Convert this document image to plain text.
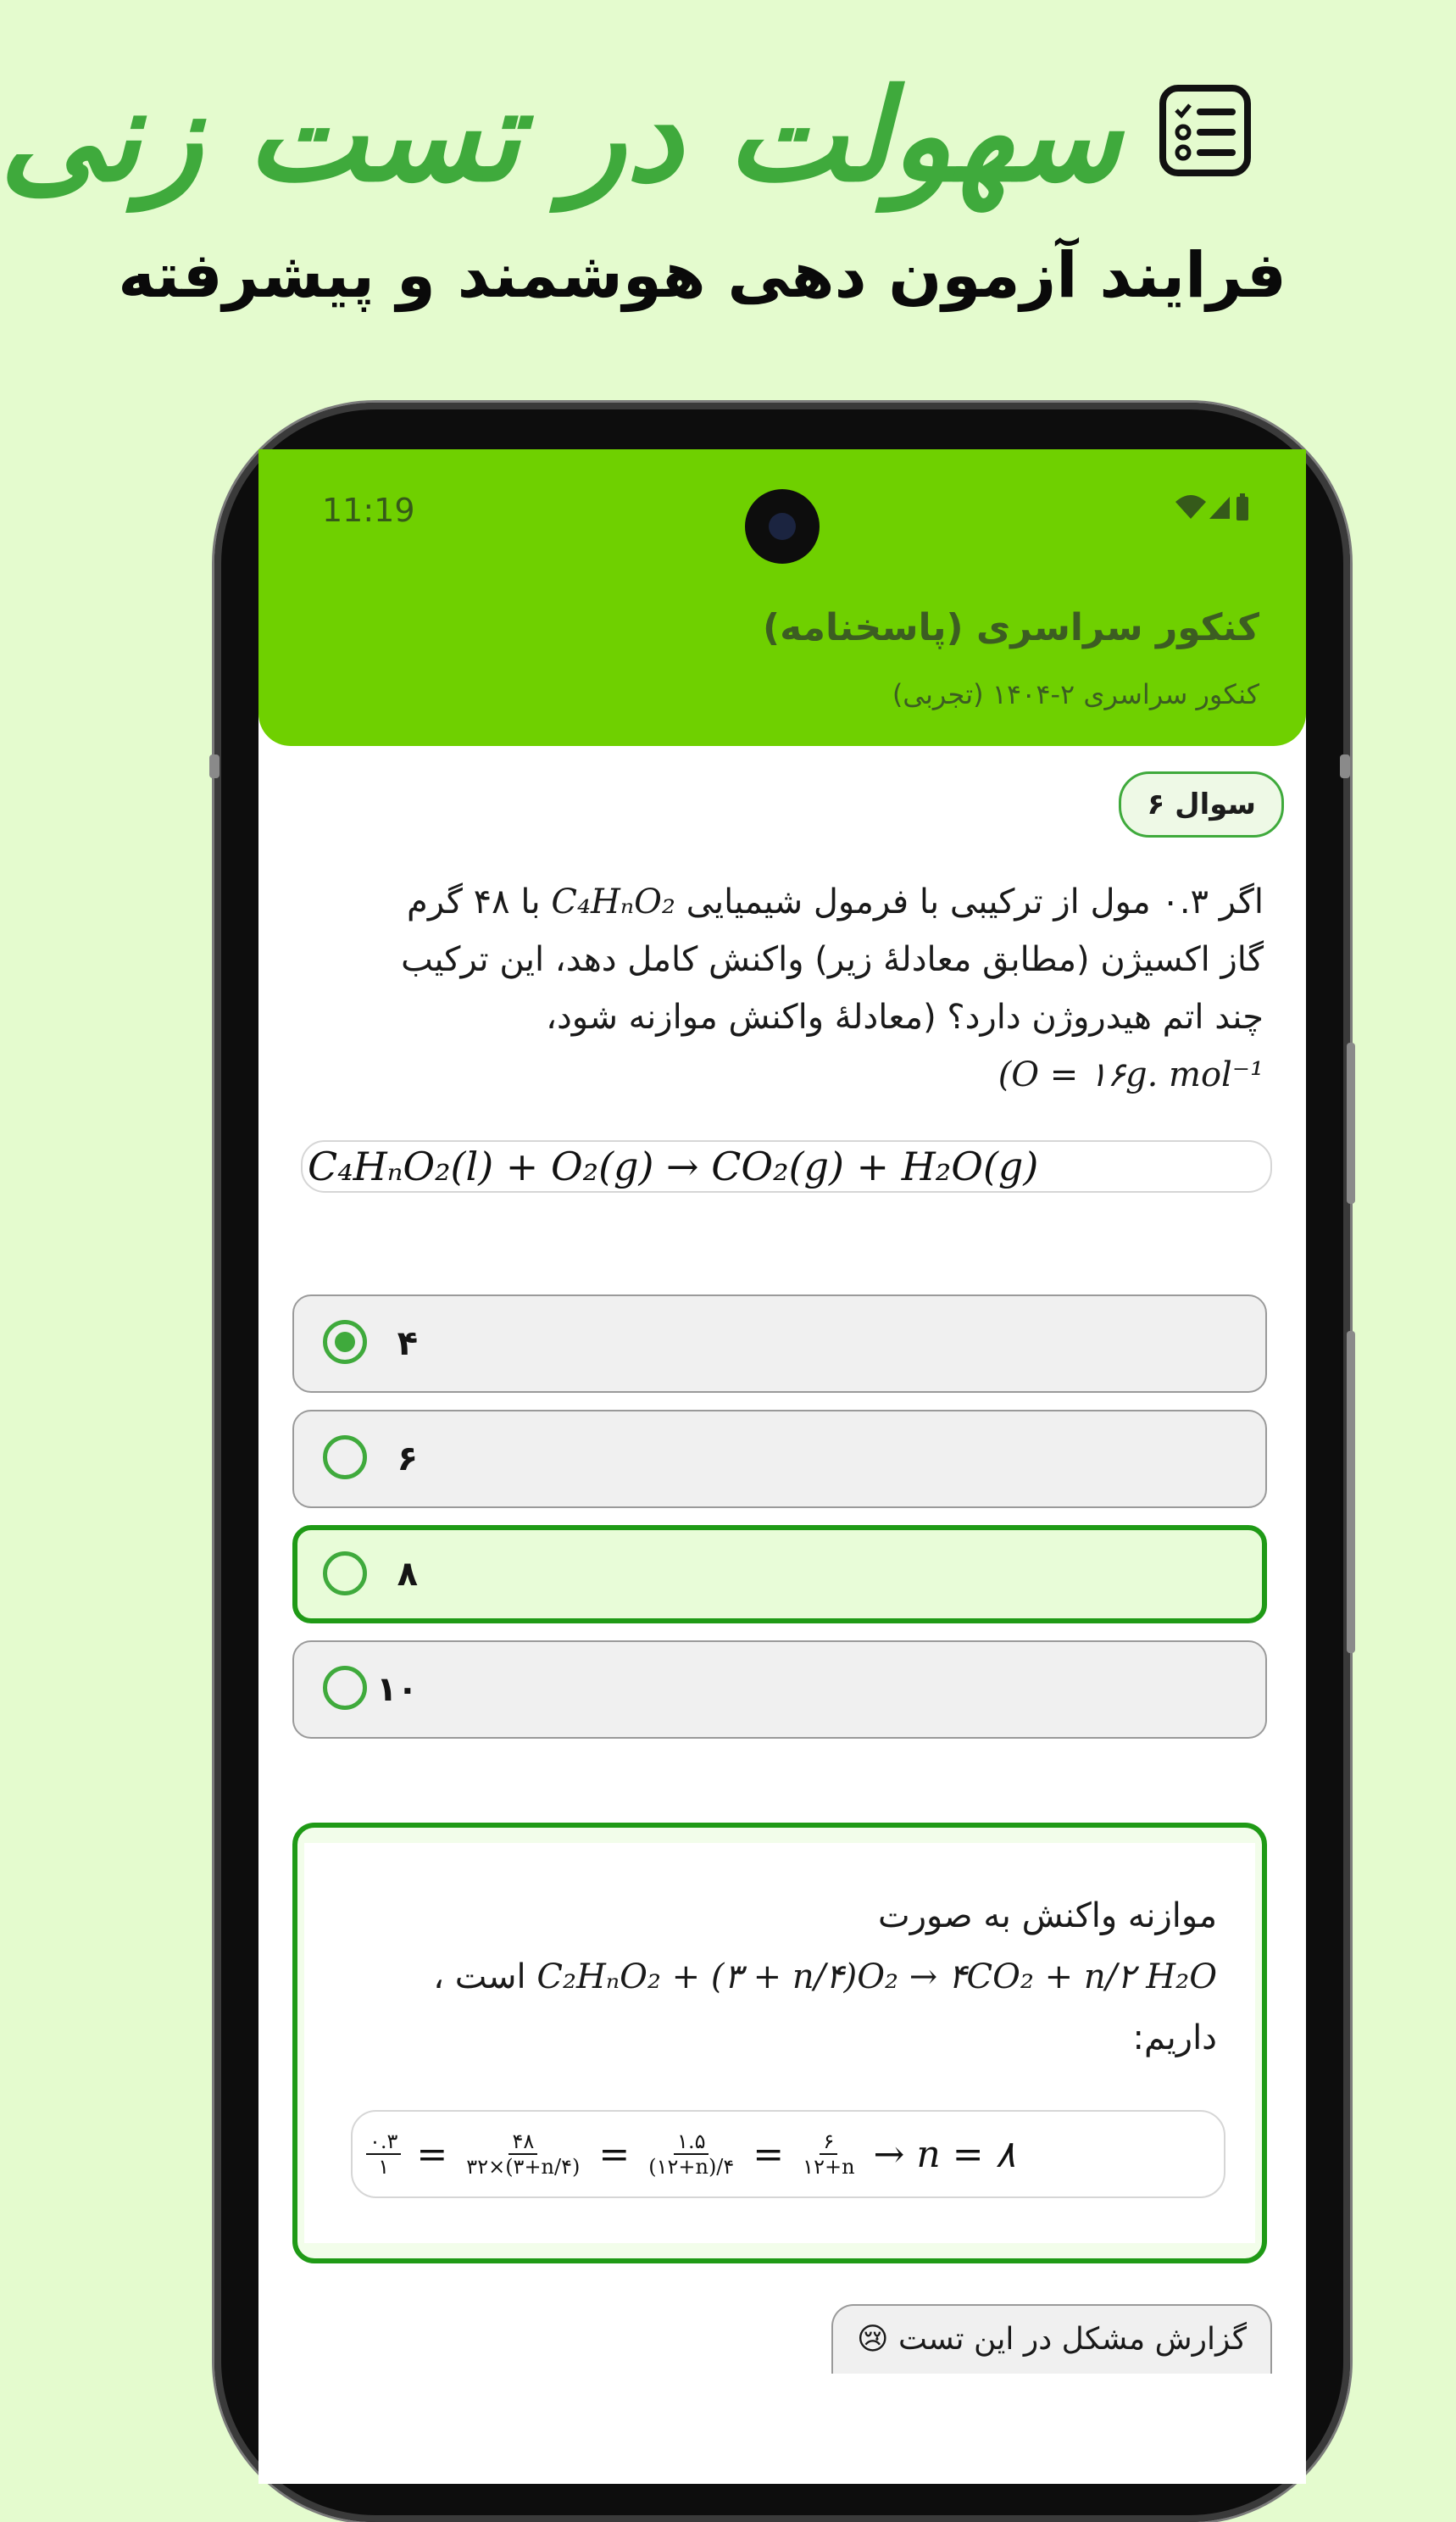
سهولت در تست زنی
فرایند آزمون دهی هوشمند و پیشرفته
11:19
کنکور سراسری (پاسخنامه)
کنکور سراسری ۲-۱۴۰۴ (تجربی)
سوال ۶
اگر ۰.۳ مول از ترکیبی با فرمول شیمیایی C₄HₙO₂ با ۴۸ گرم
گاز اکسیژن (مطابق معادلهٔ زیر) واکنش کامل دهد، این ترکیب
چند اتم هیدروژن دارد؟ (معادلهٔ واکنش موازنه شود،
(O = ۱۶g. mol⁻¹
C₄HₙO₂(l) + O₂(g) → CO₂(g) + H₂O(g)
۴
۶
۸
۱۰
موازنه واکنش به صورت
C₂HₙO₂ + (۳ + n/۴)O₂ → ۴CO₂ + n/۲ H₂O است ،
داریم:
$\frac{۰.۳}{۱} = \frac{۴۸}{۳۲\times(۳+n/۴)} = \frac{۱.۵}{(۱۲+n)/۴} = \frac{۶}{۱۲+n} \to n$ = ۸
گزارش مشکل در این تست 😢
